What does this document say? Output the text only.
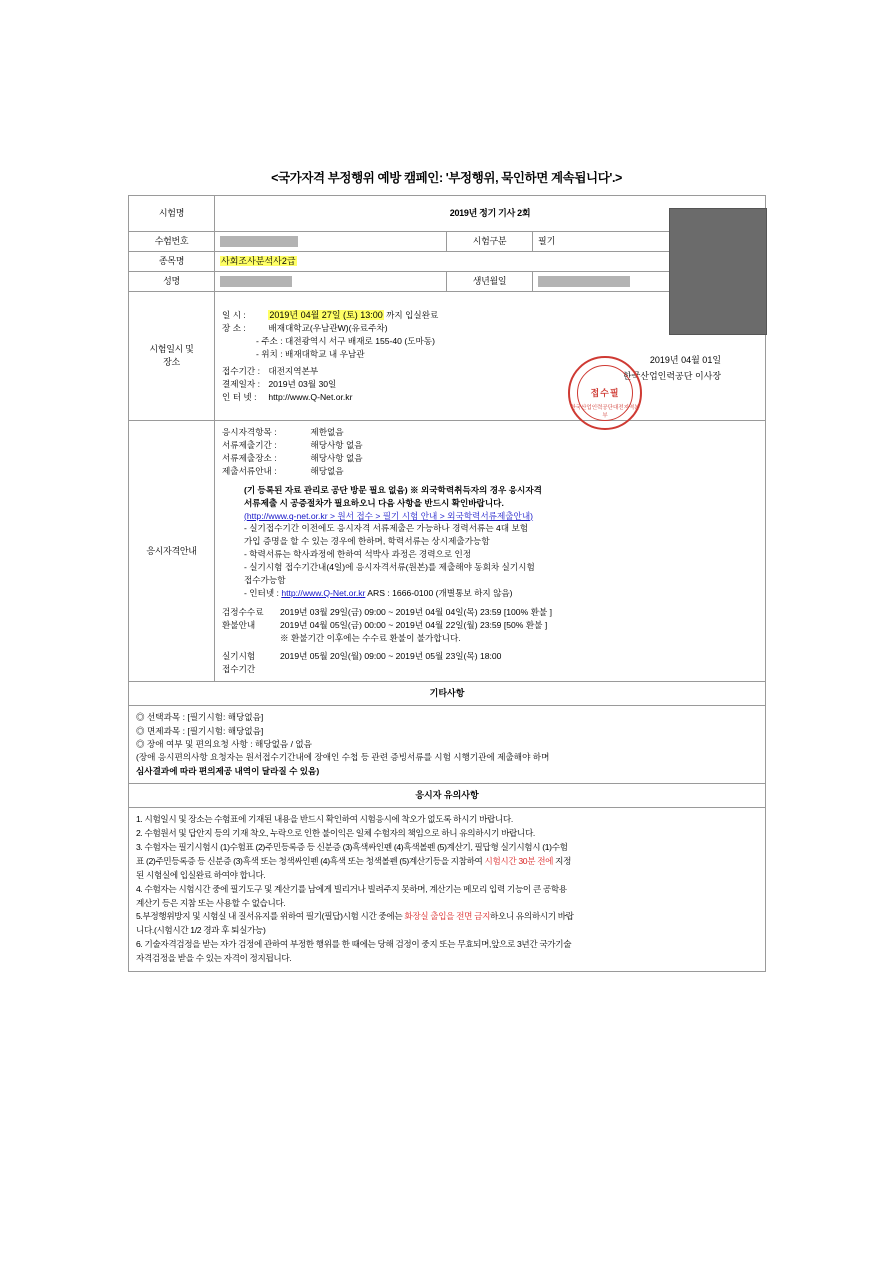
<국가자격 부정행위 예방 캠페인: '부정행위, 묵인하면 계속됩니다'.>
시험명	2019년 정기 기사 2회		
수험번호		시험구분	필기
종목명	사회조사분석사2급		
성명		생년월일	

시험일시 및
장소

일 시 :	2019년 04월 27일 (토) 13:00 까지 입실완료
장 소 :	배재대학교(우남관W)(유료주차)
- 주소 : 대전광역시 서구 배재로 155-40 (도마동)
- 위치 : 배재대학교 내 우남관
접수기간 : 대전지역본부
결제일자 : 2019년 03월 30일
인 터 넷 : http://www.Q-Net.or.kr
2019년 04월 01일
한국산업인력공단 이사장

응시자격안내	
응시자격항목 :	제한없음
서류제출기간 :	해당사항 없음
서류제출장소 :	해당사항 없음
제출서류안내 :	해당없음
(기 등록된 자료 관리로 공단 방문 필요 없음) ※ 외국학력취득자의 경우 응시자격
서류제출 시 공증절차가 필요하오니 다음 사항을 반드시 확인바랍니다.
(http://www.q-net.or.kr > 원서 접수 > 필기 시험 안내 > 외국학력서류제출안내)
- 실기접수기간 이전에도 응시자격 서류제출은 가능하나 경력서류는 4대 보험
가입 증명을 할 수 있는 경우에 한하며, 학력서류는 상시제출가능함
- 학력서류는 학사과정에 한하여 석박사 과정은 경력으로 인정
- 실기시험 접수기간내(4일)에 응시자격서류(원본)를 제출해야 동회차 실기시험
접수가능함
- 인터넷 : http://www.Q-Net.or.kr ARS : 1666-0100 (개별통보 하지 않음)
검정수수료
환불안내
2019년 03월 29일(금) 09:00 ~ 2019년 04월 04일(목) 23:59 [100% 환불 ]
2019년 04월 05일(금) 00:00 ~ 2019년 04월 22일(월) 23:59 [50% 환불 ]
※ 환불기간 이후에는 수수료 환불이 불가합니다.
실기시험
접수기간
2019년 05월 20일(월) 09:00 ~ 2019년 05월 23일(목) 18:00

기타사항			

◎ 선택과목 : [필기시험: 해당없음]
◎ 면제과목 : [필기시험: 해당없음]
◎ 장애 여부 및 편의요청 사항 : 해당없음 / 없음
(장애 응시편의사항 요청자는 원서접수기간내에 장애인 수첩 등 관련 증빙서류를 시험 시행기관에 제출해야 하며
심사결과에 따라 편의제공 내역이 달라질 수 있음)			

응시자 유의사항			

1. 시험일시 및 장소는 수험표에 기재된 내용을 반드시 확인하여 시험응시에 착오가 없도록 하시기 바랍니다.
2. 수험원서 및 답안지 등의 기재 착오, 누락으로 인한 불이익은 일체 수험자의 책임으로 하니 유의하시기 바랍니다.
3. 수험자는 필기시험시 (1)수험표 (2)주민등록증 등 신분증 (3)흑색싸인펜 (4)흑색볼펜 (5)계산기, 필답형 실기시험시 (1)수험
표 (2)주민등록증 등 신분증 (3)흑색 또는 청색싸인펜 (4)흑색 또는 청색볼펜 (5)계산기등을 지참하여 시험시간 30분 전에 지정
된 시험실에 입실완료 하여야 합니다.
4. 수험자는 시험시간 중에 필기도구 및 계산기를 남에게 빌리거나 빌려주지 못하며, 계산기는 메모리 입력 기능이 큰 공학용
계산기 등은 지참 또는 사용할 수 없습니다.
5.부정행위방지 및 시험실 내 질서유지를 위하여 필기(필답)시험 시간 중에는 화장실 출입을 전면 금지하오니 유의하시기 바랍
니다.(시험시간 1/2 경과 후 퇴실가능)
6. 기술자격검정을 받는 자가 검정에 관하여 부정한 행위를 한 때에는 당해 검정이 중지 또는 무효되며,앞으로 3년간 국가기술
자격검정을 받을 수 있는 자격이 정지됩니다.
접수필
한국산업인력공단대전지역본부
